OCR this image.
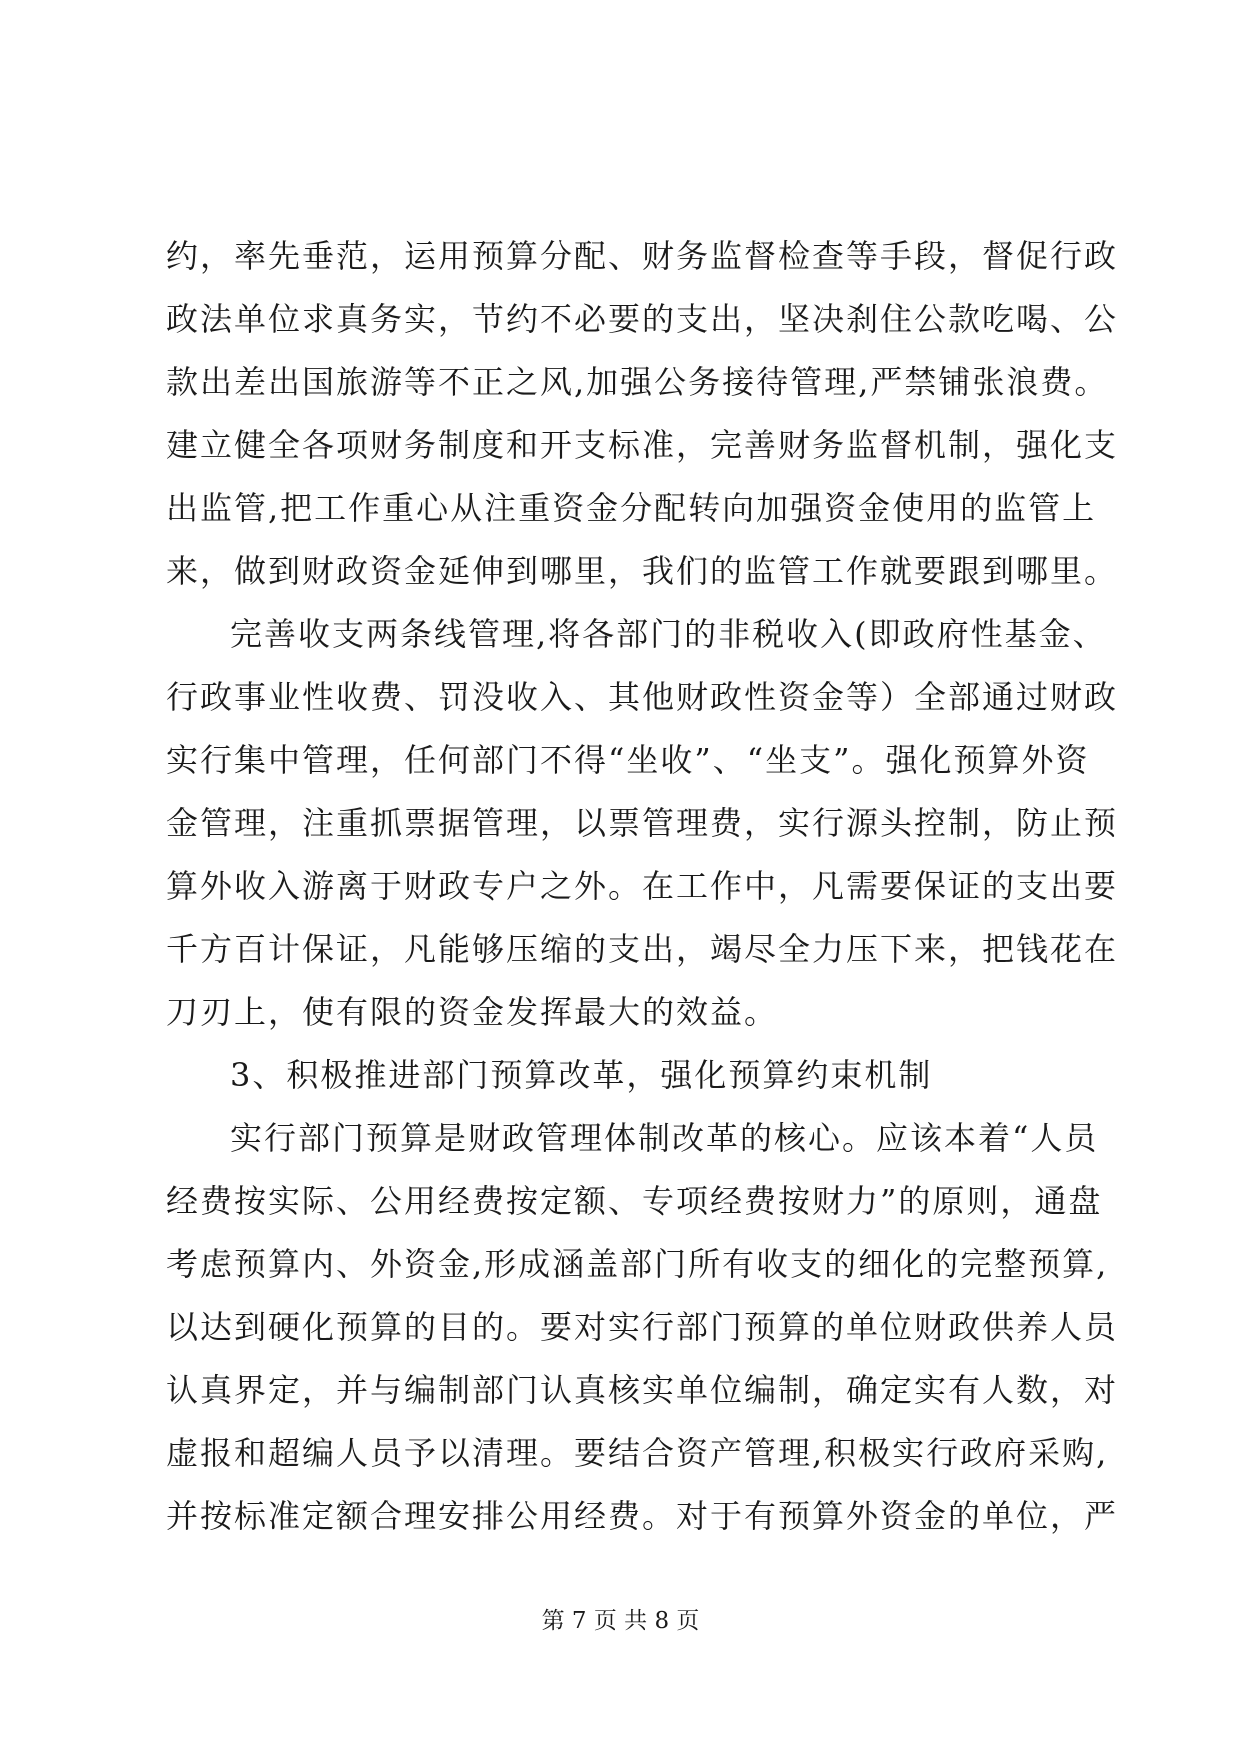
约，率先垂范，运用预算分配、财务监督检查等手段，督促行政
政法单位求真务实，节约不必要的支出，坚决刹住公款吃喝、公
款出差出国旅游等不正之风,加强公务接待管理,严禁铺张浪费。
建立健全各项财务制度和开支标准，完善财务监督机制，强化支
出监管,把工作重心从注重资金分配转向加强资金使用的监管上
来，做到财政资金延伸到哪里，我们的监管工作就要跟到哪里。
完善收支两条线管理,将各部门的非税收入(即政府性基金、
行政事业性收费、罚没收入、其他财政性资金等）全部通过财政
实行集中管理，任何部门不得“坐收”、“坐支”。强化预算外资
金管理，注重抓票据管理，以票管理费，实行源头控制，防止预
算外收入游离于财政专户之外。在工作中，凡需要保证的支出要
千方百计保证，凡能够压缩的支出，竭尽全力压下来，把钱花在
刀刃上，使有限的资金发挥最大的效益。
3、积极推进部门预算改革，强化预算约束机制
实行部门预算是财政管理体制改革的核心。应该本着“人员
经费按实际、公用经费按定额、专项经费按财力”的原则，通盘
考虑预算内、外资金,形成涵盖部门所有收支的细化的完整预算,
以达到硬化预算的目的。要对实行部门预算的单位财政供养人员
认真界定，并与编制部门认真核实单位编制，确定实有人数，对
虚报和超编人员予以清理。要结合资产管理,积极实行政府采购,
并按标准定额合理安排公用经费。对于有预算外资金的单位，严
第 7 页 共 8 页
